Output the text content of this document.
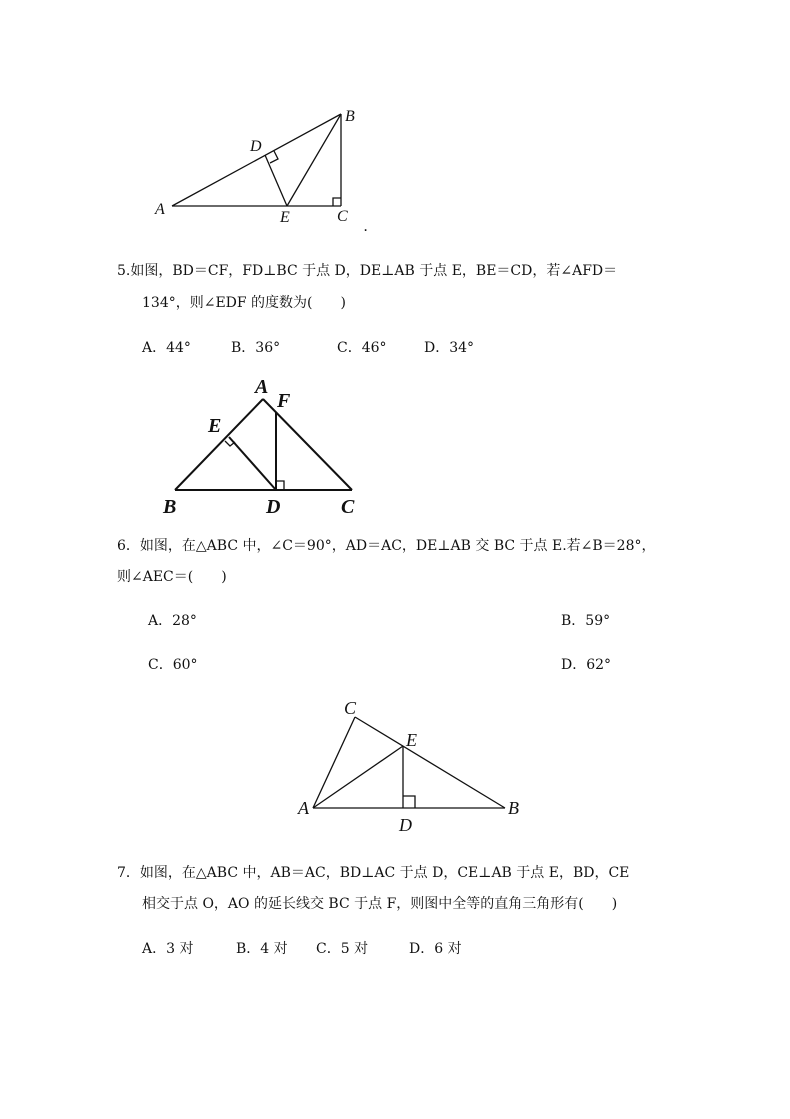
A
B
C
D
E
.
A
F
E
B	D	C
C
E
A
D
B
5.如图，BD＝CF，FD⊥BC 于点 D，DE⊥AB 于点 E，BE＝CD，若∠AFD＝
134°，则∠EDF 的度数为(　　)
A．44°	B．36°	C．46°	D．34°
6．如图，在△ABC 中，∠C＝90°，AD＝AC，DE⊥AB 交 BC 于点 E.若∠B＝28°，
则∠AEC＝(　　)
A．28°	B．59°
C．60°	D．62°
7．如图，在△ABC 中，AB＝AC，BD⊥AC 于点 D，CE⊥AB 于点 E，BD，CE
相交于点 O，AO 的延长线交 BC 于点 F，则图中全等的直角三角形有(　　)
A．3 对	B．4 对 C．5 对	D．6 对
